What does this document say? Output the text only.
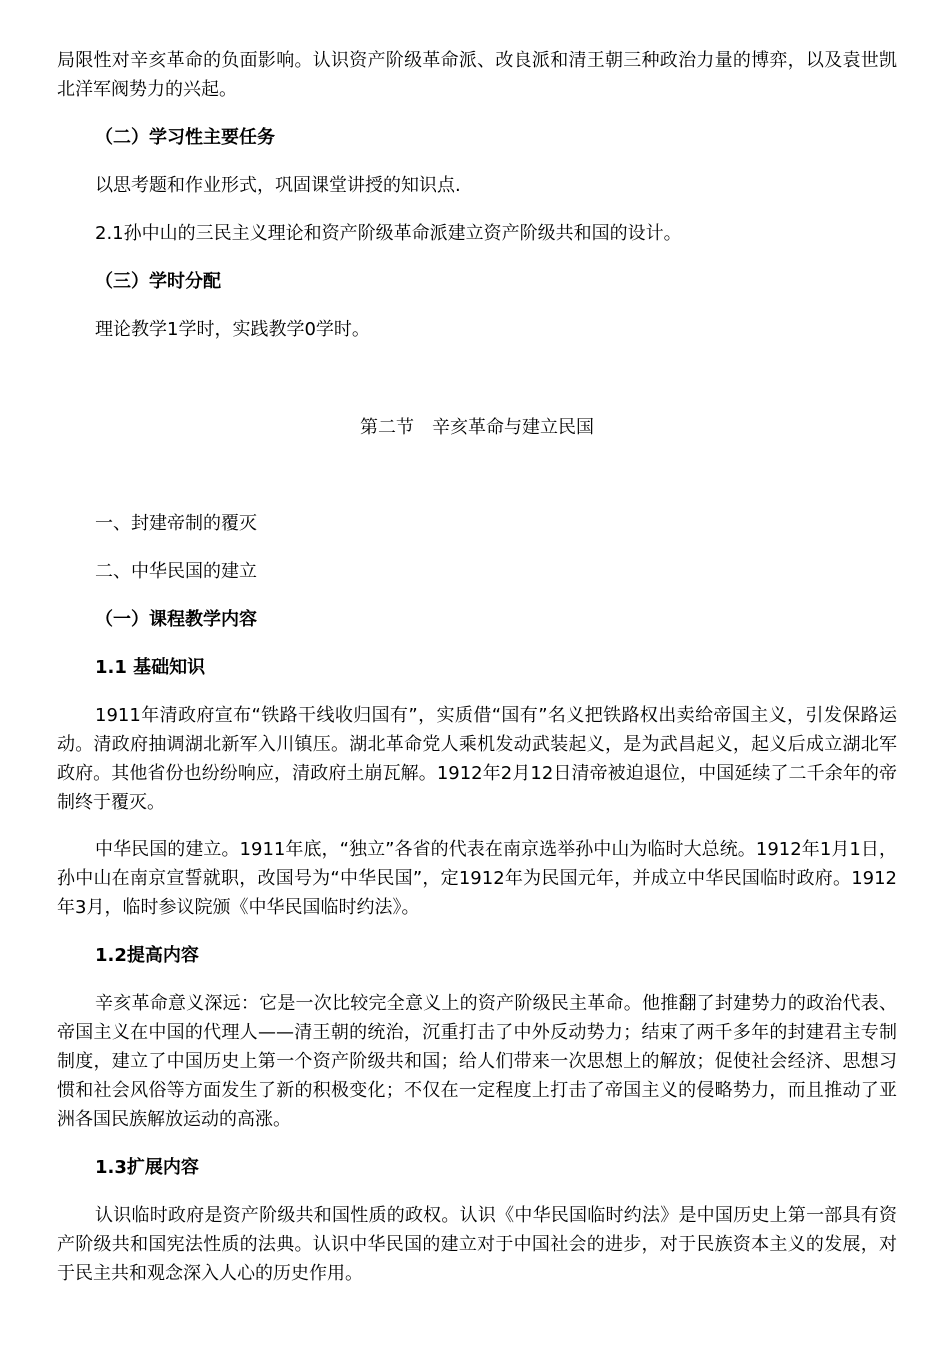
局限性对辛亥革命的负面影响。认识资产阶级革命派、改良派和清王朝三种政治力量的博弈，以及袁世凯北洋军阀势力的兴起。

（二）学习性主要任务

以思考题和作业形式，巩固课堂讲授的知识点.

2.1孙中山的三民主义理论和资产阶级革命派建立资产阶级共和国的设计。

（三）学时分配

理论教学1学时，实践教学0学时。

第二节　辛亥革命与建立民国

一、封建帝制的覆灭

二、中华民国的建立

（一）课程教学内容

1.1 基础知识

1911年清政府宣布“铁路干线收归国有”，实质借“国有”名义把铁路权出卖给帝国主义，引发保路运动。清政府抽调湖北新军入川镇压。湖北革命党人乘机发动武装起义，是为武昌起义，起义后成立湖北军政府。其他省份也纷纷响应，清政府土崩瓦解。1912年2月12日清帝被迫退位，中国延续了二千余年的帝制终于覆灭。

中华民国的建立。1911年底，“独立”各省的代表在南京选举孙中山为临时大总统。1912年1月1日，孙中山在南京宣誓就职，改国号为“中华民国”，定1912年为民国元年，并成立中华民国临时政府。1912年3月，临时参议院颁《中华民国临时约法》。

1.2提高内容

辛亥革命意义深远：它是一次比较完全意义上的资产阶级民主革命。他推翻了封建势力的政治代表、帝国主义在中国的代理人——清王朝的统治，沉重打击了中外反动势力；结束了两千多年的封建君主专制制度，建立了中国历史上第一个资产阶级共和国；给人们带来一次思想上的解放；促使社会经济、思想习惯和社会风俗等方面发生了新的积极变化；不仅在一定程度上打击了帝国主义的侵略势力，而且推动了亚洲各国民族解放运动的高涨。

1.3扩展内容

认识临时政府是资产阶级共和国性质的政权。认识《中华民国临时约法》是中国历史上第一部具有资产阶级共和国宪法性质的法典。认识中华民国的建立对于中国社会的进步，对于民族资本主义的发展，对于民主共和观念深入人心的历史作用。
